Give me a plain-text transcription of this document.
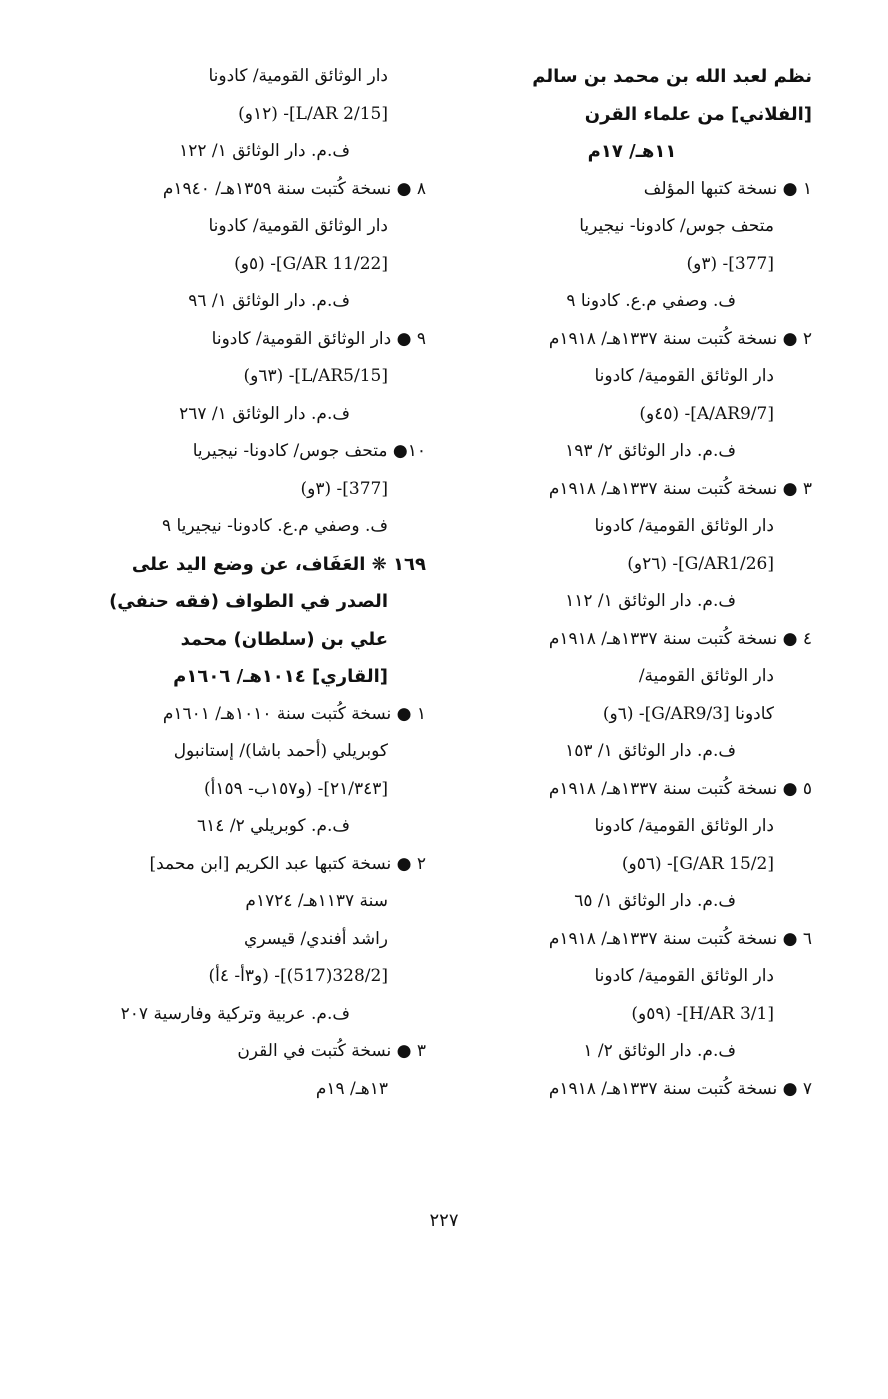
نظم لعبد الله بن محمد بن سالم
[الفلاني] من علماء القرن
١١هـ/ ١٧م
١ ● نسخة كتبها المؤلف
متحف جوس/ كادونا- نيجيريا
[377]- (٣و)
ف. وصفي م.ع. كادونا ٩
٢ ● نسخة كُتبت سنة ١٣٣٧هـ/ ١٩١٨م
دار الوثائق القومية/ كادونا
[A/AR9/7]- (٤٥و)
ف.م. دار الوثائق ٢/ ١٩٣
٣ ● نسخة كُتبت سنة ١٣٣٧هـ/ ١٩١٨م
دار الوثائق القومية/ كادونا
[G/AR1/26]- (٢٦و)
ف.م. دار الوثائق ١/ ١١٢
٤ ● نسخة كُتبت سنة ١٣٣٧هـ/ ١٩١٨م
دار الوثائق القومية/
كادونا [G/AR9/3]- (٦و)
ف.م. دار الوثائق ١/ ١٥٣
٥ ● نسخة كُتبت سنة ١٣٣٧هـ/ ١٩١٨م
دار الوثائق القومية/ كادونا
[G/AR 15/2]- (٥٦و)
ف.م. دار الوثائق ١/ ٦٥
٦ ● نسخة كُتبت سنة ١٣٣٧هـ/ ١٩١٨م
دار الوثائق القومية/ كادونا
[H/AR 3/1]- (٥٩و)
ف.م. دار الوثائق ٢/ ١
٧ ● نسخة كُتبت سنة ١٣٣٧هـ/ ١٩١٨م
دار الوثائق القومية/ كادونا
[L/AR 2/15]- (١٢و)
ف.م. دار الوثائق ١/ ١٢٢
٨ ● نسخة كُتبت سنة ١٣٥٩هـ/ ١٩٤٠م
دار الوثائق القومية/ كادونا
[G/AR 11/22]- (٥و)
ف.م. دار الوثائق ١/ ٩٦
٩ ● دار الوثائق القومية/ كادونا
[L/AR5/15]- (٦٣و)
ف.م. دار الوثائق ١/ ٢٦٧
١٠● متحف جوس/ كادونا- نيجيريا
[377]- (٣و)
ف. وصفي م.ع. كادونا- نيجيريا ٩
١٦٩ ❋ العَفَاف، عن وضع اليد على
الصدر في الطواف (فقه حنفي)
علي بن (سلطان) محمد
[القاري] ١٠١٤هـ/ ١٦٠٦م
١ ● نسخة كُتبت سنة ١٠١٠هـ/ ١٦٠١م
كوبريلي (أحمد باشا)/ إستانبول
[٢١/٣٤٣]- (و١٥٧ب- ١٥٩أ)
ف.م. كوبريلي ٢/ ٦١٤
٢ ● نسخة كتبها عبد الكريم [ابن محمد]
سنة ١١٣٧هـ/ ١٧٢٤م
راشد أفندي/ قيسري
[328/2(517)]- (و٣أ- ٤أ)
ف.م. عربية وتركية وفارسية ٢٠٧
٣ ● نسخة كُتبت في القرن
١٣هـ/ ١٩م
٢٢٧
